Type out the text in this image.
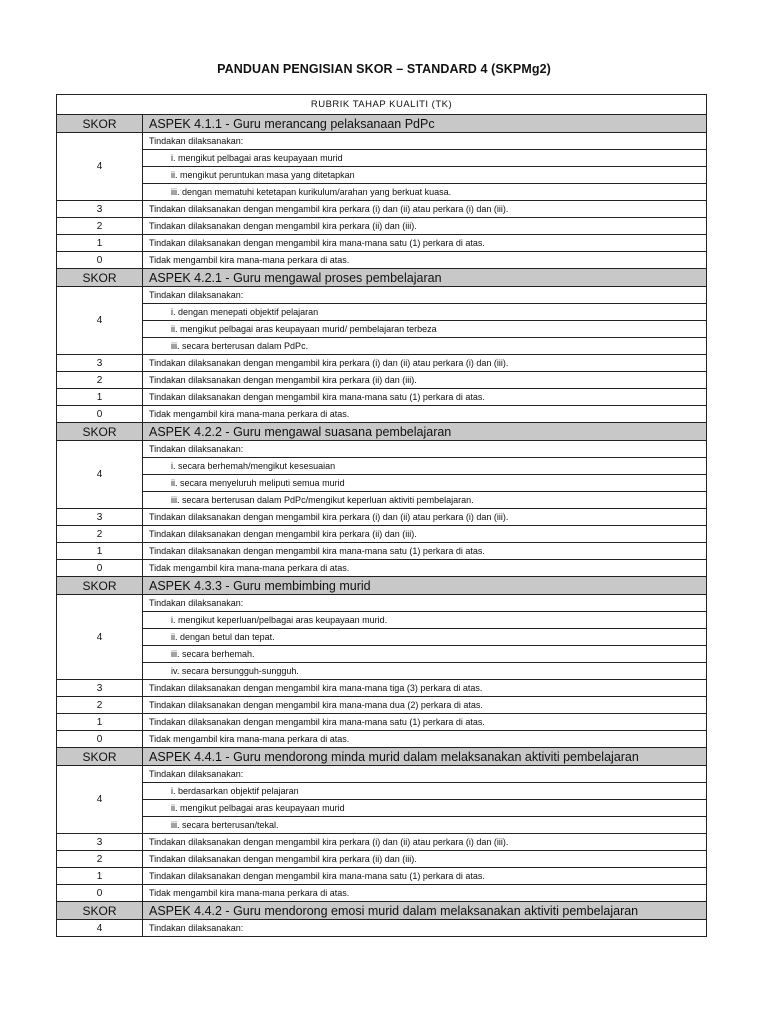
PANDUAN PENGISIAN SKOR – STANDARD 4 (SKPMg2)
RUBRIK TAHAP KUALITI (TK)	
SKOR	ASPEK 4.1.1 - Guru merancang pelaksanaan PdPc
4	Tindakan dilaksanakan:
	i. mengikut pelbagai aras keupayaan murid
	ii. mengikut peruntukan masa yang ditetapkan
	iii. dengan mematuhi ketetapan kurikulum/arahan yang berkuat kuasa.
3	Tindakan dilaksanakan dengan mengambil kira perkara (i) dan (ii) atau perkara (i) dan (iii).
2	Tindakan dilaksanakan dengan mengambil kira perkara (ii) dan (iii).
1	Tindakan dilaksanakan dengan mengambil kira mana-mana satu (1) perkara di atas.
0	Tidak mengambil kira mana-mana perkara di atas.
SKOR	ASPEK 4.2.1 - Guru mengawal proses pembelajaran
4	Tindakan dilaksanakan:
	i. dengan menepati objektif pelajaran
	ii. mengikut pelbagai aras keupayaan murid/ pembelajaran terbeza
	iii. secara berterusan dalam PdPc.
3	Tindakan dilaksanakan dengan mengambil kira perkara (i) dan (ii) atau perkara (i) dan (iii).
2	Tindakan dilaksanakan dengan mengambil kira perkara (ii) dan (iii).
1	Tindakan dilaksanakan dengan mengambil kira mana-mana satu (1) perkara di atas.
0	Tidak mengambil kira mana-mana perkara di atas.
SKOR	ASPEK 4.2.2 - Guru mengawal suasana pembelajaran
4	Tindakan dilaksanakan:
	i. secara berhemah/mengikut kesesuaian
	ii. secara menyeluruh meliputi semua murid
	iii. secara berterusan dalam PdPc/mengikut keperluan aktiviti pembelajaran.
3	Tindakan dilaksanakan dengan mengambil kira perkara (i) dan (ii) atau perkara (i) dan (iii).
2	Tindakan dilaksanakan dengan mengambil kira perkara (ii) dan (iii).
1	Tindakan dilaksanakan dengan mengambil kira mana-mana satu (1) perkara di atas.
0	Tidak mengambil kira mana-mana perkara di atas.
SKOR	ASPEK 4.3.3 - Guru membimbing murid
4	Tindakan dilaksanakan:
	i. mengikut keperluan/pelbagai aras keupayaan murid.
	ii. dengan betul dan tepat.
	iii. secara berhemah.
	iv. secara bersungguh-sungguh.
3	Tindakan dilaksanakan dengan mengambil kira mana-mana tiga (3) perkara di atas.
2	Tindakan dilaksanakan dengan mengambil kira mana-mana dua (2) perkara di atas.
1	Tindakan dilaksanakan dengan mengambil kira mana-mana satu (1) perkara di atas.
0	Tidak mengambil kira mana-mana perkara di atas.
SKOR	ASPEK 4.4.1 - Guru mendorong minda murid dalam melaksanakan aktiviti pembelajaran
4	Tindakan dilaksanakan:
	i. berdasarkan objektif pelajaran
	ii. mengikut pelbagai aras keupayaan murid
	iii. secara berterusan/tekal.
3	Tindakan dilaksanakan dengan mengambil kira perkara (i) dan (ii) atau perkara (i) dan (iii).
2	Tindakan dilaksanakan dengan mengambil kira perkara (ii) dan (iii).
1	Tindakan dilaksanakan dengan mengambil kira mana-mana satu (1) perkara di atas.
0	Tidak mengambil kira mana-mana perkara di atas.
SKOR	ASPEK 4.4.2 - Guru mendorong emosi murid dalam melaksanakan aktiviti pembelajaran
4	Tindakan dilaksanakan:
